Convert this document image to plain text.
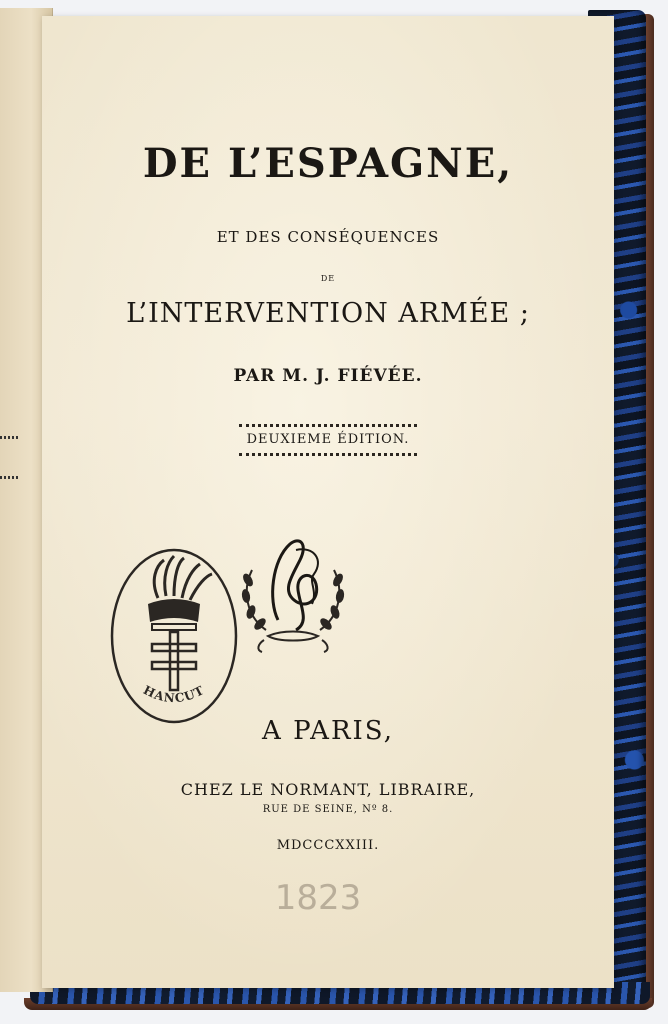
DE L’ESPAGNE,
ET DES CONSÉQUENCES
DE
L’INTERVENTION ARMÉE ;
PAR M. J. FIÉVÉE.
DEUXIEME ÉDITION.
HANCUT
A PARIS,
CHEZ LE NORMANT, LIBRAIRE,
RUE DE SEINE, Nº 8.
MDCCCXXIII.
1823
